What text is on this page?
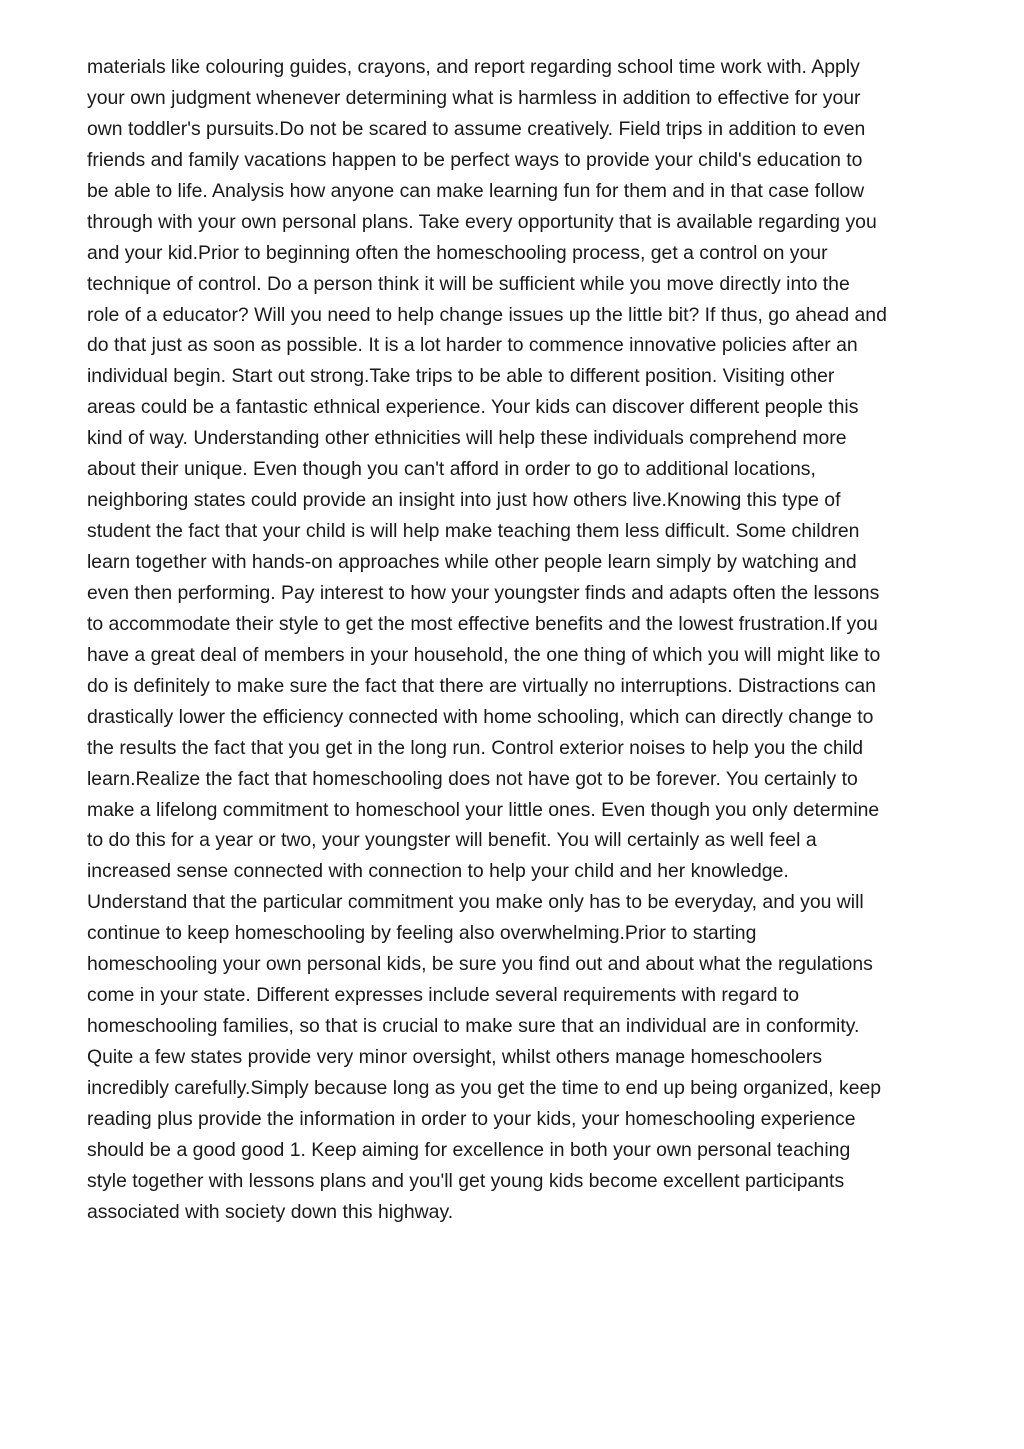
materials like colouring guides, crayons, and report regarding school time work with. Apply
your own judgment whenever determining what is harmless in addition to effective for your
own toddler's pursuits.Do not be scared to assume creatively. Field trips in addition to even
friends and family vacations happen to be perfect ways to provide your child's education to
be able to life. Analysis how anyone can make learning fun for them and in that case follow
through with your own personal plans. Take every opportunity that is available regarding you
and your kid.Prior to beginning often the homeschooling process, get a control on your
technique of control. Do a person think it will be sufficient while you move directly into the
role of a educator? Will you need to help change issues up the little bit? If thus, go ahead and
do that just as soon as possible. It is a lot harder to commence innovative policies after an
individual begin. Start out strong.Take trips to be able to different position. Visiting other
areas could be a fantastic ethnical experience. Your kids can discover different people this
kind of way. Understanding other ethnicities will help these individuals comprehend more
about their unique. Even though you can't afford in order to go to additional locations,
neighboring states could provide an insight into just how others live.Knowing this type of
student the fact that your child is will help make teaching them less difficult. Some children
learn together with hands-on approaches while other people learn simply by watching and
even then performing. Pay interest to how your youngster finds and adapts often the lessons
to accommodate their style to get the most effective benefits and the lowest frustration.If you
have a great deal of members in your household, the one thing of which you will might like to
do is definitely to make sure the fact that there are virtually no interruptions. Distractions can
drastically lower the efficiency connected with home schooling, which can directly change to
the results the fact that you get in the long run. Control exterior noises to help you the child
learn.Realize the fact that homeschooling does not have got to be forever. You certainly to
make a lifelong commitment to homeschool your little ones. Even though you only determine
to do this for a year or two, your youngster will benefit. You will certainly as well feel a
increased sense connected with connection to help your child and her knowledge.
Understand that the particular commitment you make only has to be everyday, and you will
continue to keep homeschooling by feeling also overwhelming.Prior to starting
homeschooling your own personal kids, be sure you find out and about what the regulations
come in your state. Different expresses include several requirements with regard to
homeschooling families, so that is crucial to make sure that an individual are in conformity.
Quite a few states provide very minor oversight, whilst others manage homeschoolers
incredibly carefully.Simply because long as you get the time to end up being organized, keep
reading plus provide the information in order to your kids, your homeschooling experience
should be a good good 1. Keep aiming for excellence in both your own personal teaching
style together with lessons plans and you'll get young kids become excellent participants
associated with society down this highway.
